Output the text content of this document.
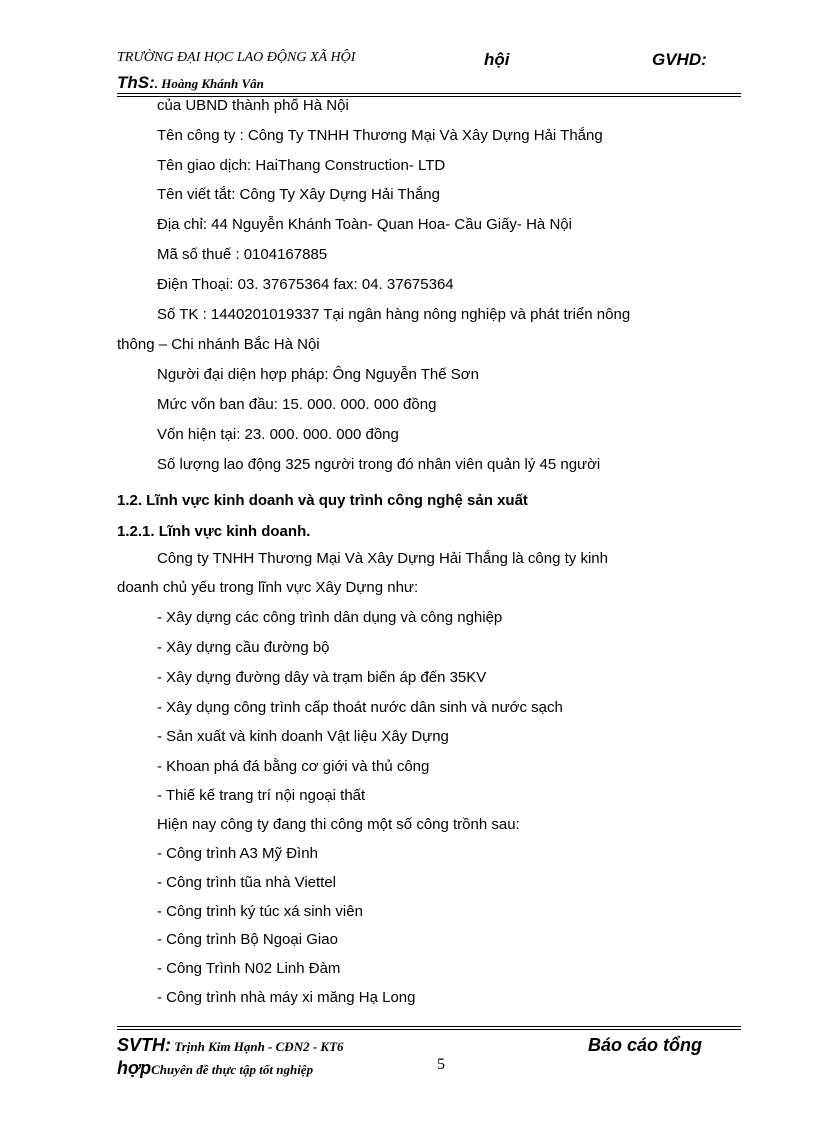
TRƯỜNG ĐẠI HỌC LAO ĐỘNG XÃ HỘI	hội	GVHD:
ThS:. Hoàng Khánh Vân
của UBND thành phố Hà Nội
Tên công ty : Công Ty TNHH Thương Mại Và Xây Dựng Hải Thắng
Tên giao dịch: HaiThang Construction- LTD
Tên viết tắt: Công Ty Xây Dựng Hải Thắng
Địa chỉ: 44 Nguyễn Khánh Toàn- Quan Hoa- Cầu Giấy- Hà Nội
Mã số thuế : 0104167885
Điện Thoại: 03. 37675364 fax: 04. 37675364
Số TK : 1440201019337 Tại ngân hàng nông nghiệp và phát triển nông
thông – Chi nhánh Bắc Hà Nội
Người đại diện hợp pháp: Ông Nguyễn Thế Sơn
Mức vốn ban đầu: 15. 000. 000. 000 đồng
Vốn hiện tại: 23. 000. 000. 000 đồng
Số lượng lao động 325 người trong đó nhân viên quản lý 45 người
1.2. Lĩnh vực kinh doanh và quy trình công nghệ sản xuất
1.2.1. Lĩnh vực kinh doanh.
Công ty TNHH Thương Mại Và Xây Dựng Hải Thắng là công ty kinh
doanh chủ yếu trong lĩnh vực Xây Dựng như:
- Xây dựng các công trình dân dụng và công nghiệp
- Xây dựng cầu đường bộ
- Xây dựng đường dây và trạm biến áp đến 35KV
- Xây dụng công trình cấp thoát nước dân sinh và nước sạch
- Sản xuất và kinh doanh Vật liệu Xây Dựng
- Khoan phá đá bằng cơ giới và thủ công
- Thiế kế trang trí nội ngoại thất
Hiện nay công ty đang thi công một số công trồnh sau:
- Công trình A3 Mỹ Đình
- Công trình tũa nhà Viettel
- Công trình ký túc xá sinh viên
- Công trình Bộ Ngoại Giao
- Công Trình N02 Linh Đàm
- Công trình nhà máy xi măng Hạ Long
SVTH: Trịnh Kim Hạnh - CĐN2 - KT6	Báo cáo tổng
hợpChuyên đề thực tập tốt nghiệp	5
